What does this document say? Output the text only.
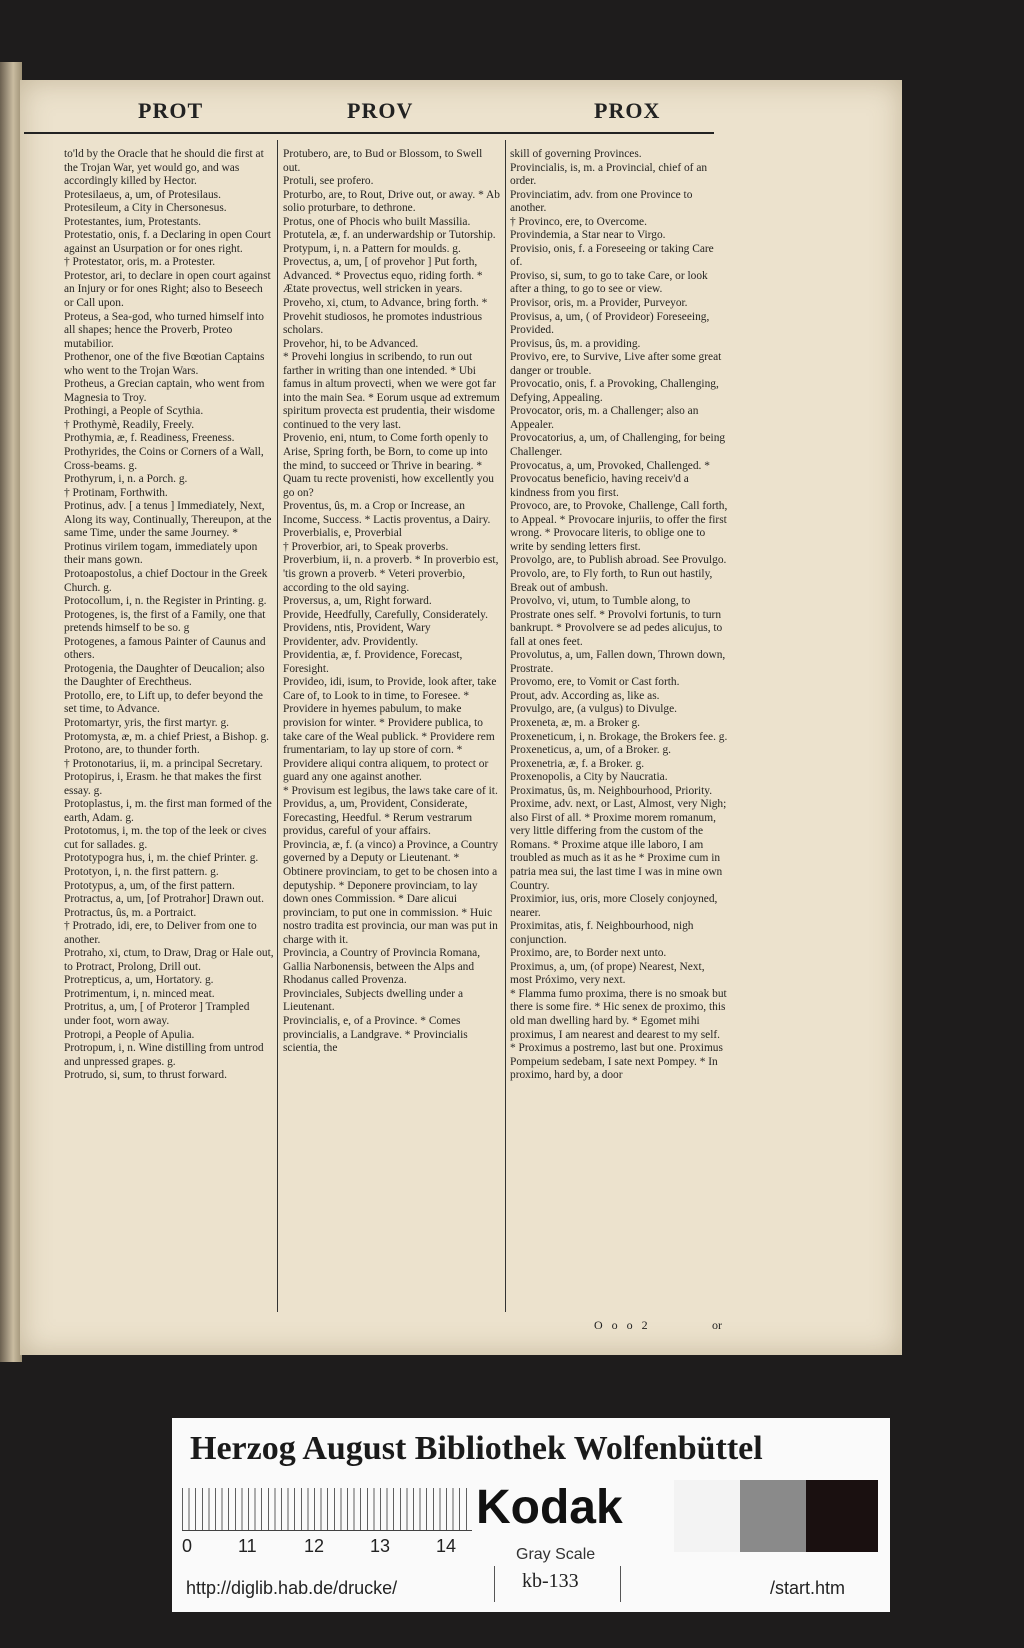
PROT	PROV	PROX

to'ld by the Oracle that he should die first at the Trojan War, yet would go, and was accordingly killed by Hector.

Protesilaeus, a, um, of Protesilaus.

Protesileum, a City in Chersonesus.

Protestantes, ium, Protestants.

Protestatio, onis, f. a Declaring in open Court against an Usurpation or for ones right.

† Protestator, oris, m. a Protester.

Protestor, ari, to declare in open court against an Injury or for ones Right; also to Beseech or Call upon.

Proteus, a Sea-god, who turned himself into all shapes; hence the Proverb, Proteo mutabilior.

Prothenor, one of the five Bœotian Captains who went to the Trojan Wars.

Protheus, a Grecian captain, who went from Magnesia to Troy.

Prothingi, a People of Scythia.

† Prothymè, Readily, Freely.

Prothymia, æ, f. Readiness, Freeness.

Prothyrides, the Coins or Corners of a Wall, Cross-beams. g.

Prothyrum, i, n. a Porch. g.

† Protinam, Forthwith.

Protinus, adv. [ a tenus ] Immediately, Next, Along its way, Continually, Thereupon, at the same Time, under the same Journey. * Protinus virilem togam, immediately upon their mans gown.

Protoapostolus, a chief Doctour in the Greek Church. g.

Protocollum, i, n. the Register in Printing. g.

Protogenes, is, the first of a Family, one that pretends himself to be so. g

Protogenes, a famous Painter of Caunus and others.

Protogenia, the Daughter of Deucalion; also the Daughter of Erechtheus.

Protollo, ere, to Lift up, to defer beyond the set time, to Advance.

Protomartyr, yris, the first martyr. g.

Protomysta, æ, m. a chief Priest, a Bishop. g.

Protono, are, to thunder forth.

† Protonotarius, ii, m. a principal Secretary.

Protopirus, i, Erasm. he that makes the first essay. g.

Protoplastus, i, m. the first man formed of the earth, Adam. g.

Prototomus, i, m. the top of the leek or cives cut for sallades. g.

Prototypogra hus, i, m. the chief Printer. g.

Prototyon, i, n. the first pattern. g.

Prototypus, a, um, of the first pattern.

Protractus, a, um, [of Protrahor] Drawn out.

Protractus, ûs, m. a Portraict.

† Protrado, idi, ere, to Deliver from one to another.

Protraho, xi, ctum, to Draw, Drag or Hale out, to Protract, Prolong, Drill out.

Protrepticus, a, um, Hortatory. g.

Protrimentum, i, n. minced meat.

Protritus, a, um, [ of Proteror ] Trampled under foot, worn away.

Protropi, a People of Apulia.

Protropum, i, n. Wine distilling from untrod and unpressed grapes. g.

Protrudo, si, sum, to thrust forward.

Protubero, are, to Bud or Blossom, to Swell out.

Protuli, see profero.

Proturbo, are, to Rout, Drive out, or away. * Ab solio proturbare, to dethrone.

Protus, one of Phocis who built Massilia.

Protutela, æ, f. an underwardship or Tutorship.

Protypum, i, n. a Pattern for moulds. g.

Provectus, a, um, [ of provehor ] Put forth, Advanced. * Provectus equo, riding forth. * Ætate provectus, well stricken in years.

Proveho, xi, ctum, to Advance, bring forth. * Provehit studiosos, he promotes industrious scholars.

Provehor, hi, to be Advanced.

* Provehi longius in scribendo, to run out farther in writing than one intended. * Ubi famus in altum provecti, when we were got far into the main Sea. * Eorum usque ad extremum spiritum provecta est prudentia, their wisdome continued to the very last.

Provenio, eni, ntum, to Come forth openly to Arise, Spring forth, be Born, to come up into the mind, to succeed or Thrive in bearing. * Quam tu recte provenisti, how excellently you go on?

Proventus, ûs, m. a Crop or Increase, an Income, Success. * Lactis proventus, a Dairy.

Proverbialis, e, Proverbial

† Proverbior, ari, to Speak proverbs.

Proverbium, ii, n. a proverb. * In proverbio est, 'tis grown a proverb. * Veteri proverbio, according to the old saying.

Proversus, a, um, Right forward.

Provide, Heedfully, Carefully, Considerately.

Providens, ntis, Provident, Wary

Providenter, adv. Providently.

Providentia, æ, f. Providence, Forecast, Foresight.

Provideo, idi, isum, to Provide, look after, take Care of, to Look to in time, to Foresee. * Providere in hyemes pabulum, to make provision for winter. * Providere publica, to take care of the Weal publick. * Providere rem frumentariam, to lay up store of corn. * Providere aliqui contra aliquem, to protect or guard any one against another.

* Provisum est legibus, the laws take care of it.

Providus, a, um, Provident, Considerate, Forecasting, Heedful. * Rerum vestrarum providus, careful of your affairs.

Provincia, æ, f. (a vinco) a Province, a Country governed by a Deputy or Lieutenant. * Obtinere provinciam, to get to be chosen into a deputyship. * Deponere provinciam, to lay down ones Commission. * Dare alicui provinciam, to put one in commission. * Huic nostro tradita est provincia, our man was put in charge with it.

Provincia, a Country of Provincia Romana, Gallia Narbonensis, between the Alps and Rhodanus called Provenza.

Provinciales, Subjects dwelling under a Lieutenant.

Provincialis, e, of a Province. * Comes provincialis, a Landgrave. * Provincialis scientia, the

skill of governing Provinces.

Provincialis, is, m. a Provincial, chief of an order.

Provinciatim, adv. from one Province to another.

† Provinco, ere, to Overcome.

Provindemia, a Star near to Virgo.

Provisio, onis, f. a Foreseeing or taking Care of.

Proviso, si, sum, to go to take Care, or look after a thing, to go to see or view.

Provisor, oris, m. a Provider, Purveyor.

Provisus, a, um, ( of Provideor) Foreseeing, Provided.

Provisus, ûs, m. a providing.

Provivo, ere, to Survive, Live after some great danger or trouble.

Provocatio, onis, f. a Provoking, Challenging, Defying, Appealing.

Provocator, oris, m. a Challenger; also an Appealer.

Provocatorius, a, um, of Challenging, for being Challenger.

Provocatus, a, um, Provoked, Challenged. * Provocatus beneficio, having receiv'd a kindness from you first.

Provoco, are, to Provoke, Challenge, Call forth, to Appeal. * Provocare injuriis, to offer the first wrong. * Provocare literis, to oblige one to write by sending letters first.

Provolgo, are, to Publish abroad. See Provulgo.

Provolo, are, to Fly forth, to Run out hastily, Break out of ambush.

Provolvo, vi, utum, to Tumble along, to Prostrate ones self. * Provolvi fortunis, to turn bankrupt. * Provolvere se ad pedes alicujus, to fall at ones feet.

Provolutus, a, um, Fallen down, Thrown down, Prostrate.

Provomo, ere, to Vomit or Cast forth.

Prout, adv. According as, like as.

Provulgo, are, (a vulgus) to Divulge.

Proxeneta, æ, m. a Broker g.

Proxeneticum, i, n. Brokage, the Brokers fee. g.

Proxeneticus, a, um, of a Broker. g.

Proxenetria, æ, f. a Broker. g.

Proxenopolis, a City by Naucratia.

Proximatus, ûs, m. Neighbourhood, Priority.

Proxime, adv. next, or Last, Almost, very Nigh; also First of all. * Proxime morem romanum, very little differing from the custom of the Romans. * Proxime atque ille laboro, I am troubled as much as it as he * Proxime cum in patria mea sui, the last time I was in mine own Country.

Proximior, ius, oris, more Closely conjoyned, nearer.

Proximitas, atis, f. Neighbourhood, nigh conjunction.

Proximo, are, to Border next unto.

Proximus, a, um, (of prope) Nearest, Next, most Próximo, very next.

* Flamma fumo proxima, there is no smoak but there is some fire. * Hic senex de proximo, this old man dwelling hard by. * Egomet mihi proximus, I am nearest and dearest to my self. * Proximus a postremo, last but one. Proximus Pompeium sedebam, I sate next Pompey. * In proximo, hard by, a door

O o o 2	or
Herzog August Bibliothek Wolfenbüttel
0	11	12	13	14
Kodak
Gray Scale
http://diglib.hab.de/drucke/	kb-133	/start.htm
